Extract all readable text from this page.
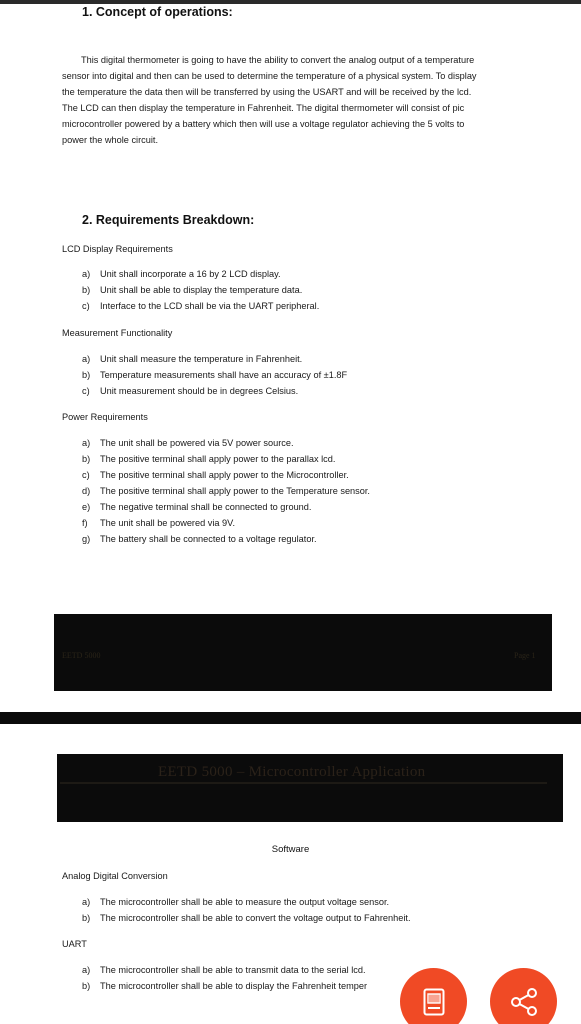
1. Concept of operations:
This digital thermometer is going to have the ability to convert the analog output of a temperature
sensor into digital and then can be used to determine the temperature of a physical system. To display
the temperature the data then will be transferred by using the USART and will be received by the lcd.
The LCD can then display the temperature in Fahrenheit. The digital thermometer will consist of pic
microcontroller powered by a battery which then will use a voltage regulator achieving the 5 volts to
power the whole circuit.
2. Requirements Breakdown:
LCD Display Requirements
a) Unit shall incorporate a 16 by 2 LCD display.
b) Unit shall be able to display the temperature data.
c) Interface to the LCD shall be via the UART peripheral.
Measurement Functionality
a) Unit shall measure the temperature in Fahrenheit.
b) Temperature measurements shall have an accuracy of ±1.8F
c) Unit measurement should be in degrees Celsius.
Power Requirements
a) The unit shall be powered via 5V power source.
b) The positive terminal shall apply power to the parallax lcd.
c) The positive terminal shall apply power to the Microcontroller.
d) The positive terminal shall apply power to the Temperature sensor.
e) The negative terminal shall be connected to ground.
f) The unit shall be powered via 9V.
g) The battery shall be connected to a voltage regulator.
EETD 5000	Page 1
EETD 5000 – Microcontroller Application
Software
Analog Digital Conversion
a) The microcontroller shall be able to measure the output voltage sensor.
b) The microcontroller shall be able to convert the voltage output to Fahrenheit.
UART
a) The microcontroller shall be able to transmit data to the serial lcd.
b) The microcontroller shall be able to display the Fahrenheit temper
